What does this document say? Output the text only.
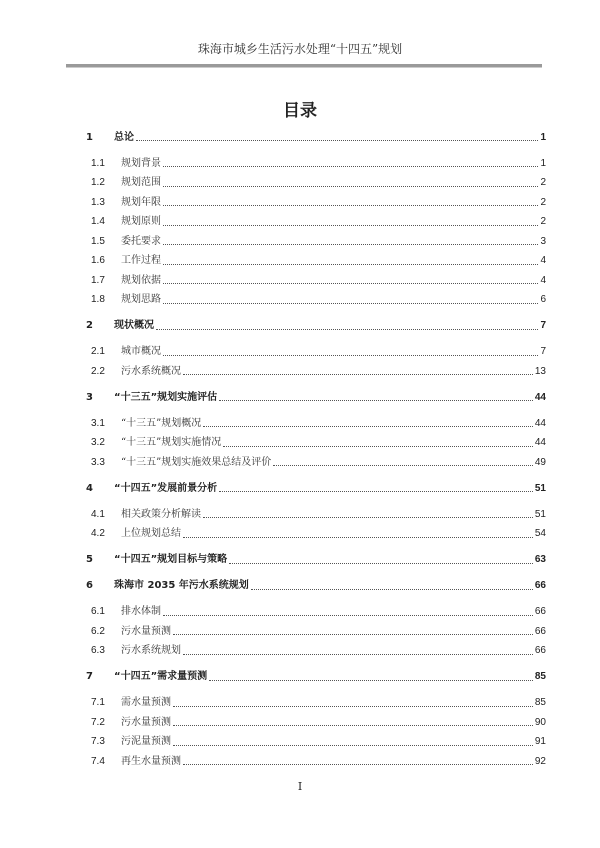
珠海市城乡生活污水处理“十四五”规划
目录
1	总论	1
1.1	规划背景	1
1.2	规划范围	2
1.3	规划年限	2
1.4	规划原则	2
1.5	委托要求	3
1.6	工作过程	4
1.7	规划依据	4
1.8	规划思路	6
2	现状概况	7
2.1	城市概况	7
2.2	污水系统概况	13
3	“十三五”规划实施评估	44
3.1	“十三五”规划概况	44
3.2	“十三五”规划实施情况	44
3.3	“十三五”规划实施效果总结及评价	49
4	“十四五”发展前景分析	51
4.1	相关政策分析解读	51
4.2	上位规划总结	54
5	“十四五”规划目标与策略	63
6	珠海市 2035 年污水系统规划	66
6.1	排水体制	66
6.2	污水量预测	66
6.3	污水系统规划	66
7	“十四五”需求量预测	85
7.1	需水量预测	85
7.2	污水量预测	90
7.3	污泥量预测	91
7.4	再生水量预测	92
I
